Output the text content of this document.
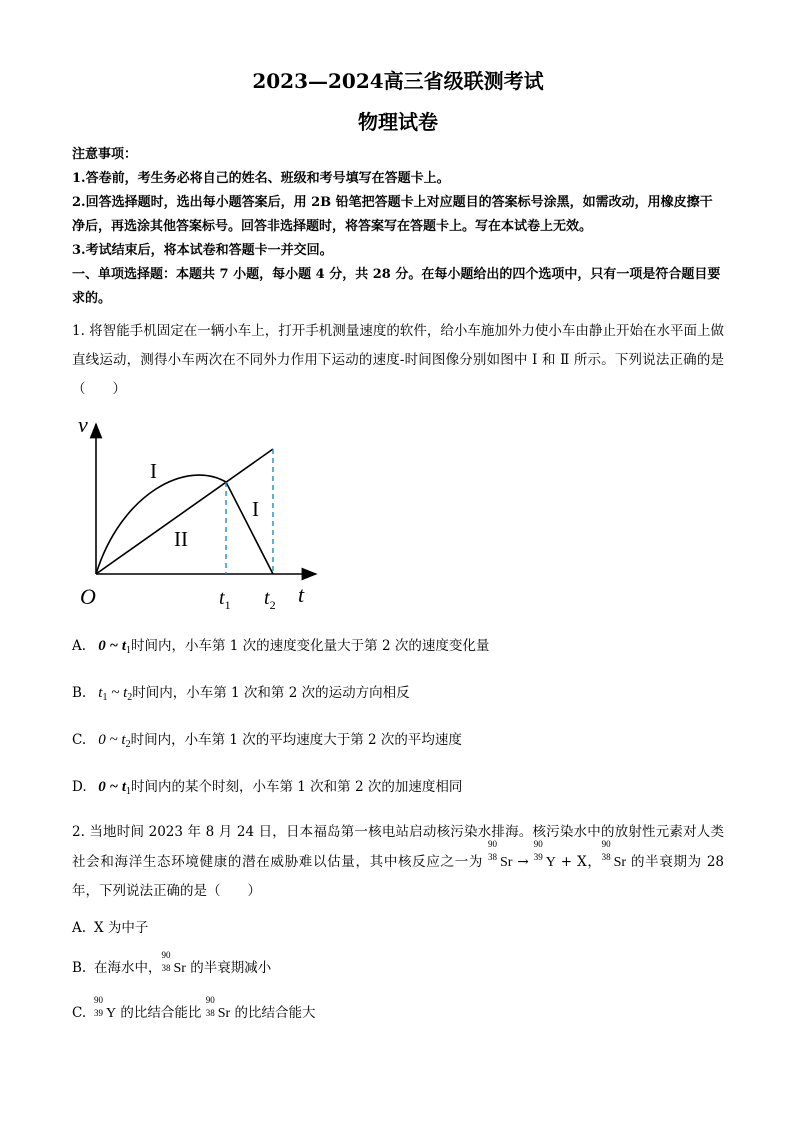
2023—2024高三省级联测考试
物理试卷
注意事项：
1.答卷前，考生务必将自己的姓名、班级和考号填写在答题卡上。
2.回答选择题时，选出每小题答案后，用 2B 铅笔把答题卡上对应题目的答案标号涂黑，如需改动，用橡皮擦干净后，再选涂其他答案标号。回答非选择题时，将答案写在答题卡上。写在本试卷上无效。
3.考试结束后，将本试卷和答题卡一并交回。
一、单项选择题：本题共 7 小题，每小题 4 分，共 28 分。在每小题给出的四个选项中，只有一项是符合题目要求的。
1. 将智能手机固定在一辆小车上，打开手机测量速度的软件，给小车施加外力使小车由静止开始在水平面上做直线运动，测得小车两次在不同外力作用下运动的速度-时间图像分别如图中 Ⅰ 和 Ⅱ 所示。下列说法正确的是（　　）
v
t
O
I
I
II
$t_1$ $t_2$

A. 0 ~ $t_1$时间内，小车第 1 次的速度变化量大于第 2 次的速度变化量

B. $t_1$ ~ $t_2$时间内，小车第 1 次和第 2 次的运动方向相反

C. 0 ~ $t_2$时间内，小车第 1 次的平均速度大于第 2 次的平均速度

D. 0 ~ $t_1$时间内的某个时刻，小车第 1 次和第 2 次的加速度相同

2. 当地时间 2023 年 8 月 24 日，日本福岛第一核电站启动核污染水排海。核污染水中的放射性元素对人类社会和海洋生态环境健康的潜在威胁难以估量，其中核反应之一为
90
38 Sr →
90
39 Y + X，
90
38 Sr 的半衰期为 28 年，下列说法正确的是（　　）

A. X 为中子

B. 在海水中，
90
38 Sr 的半衰期减小

C.
90
39 Y 的比结合能比
90
38 Sr 的比结合能大
